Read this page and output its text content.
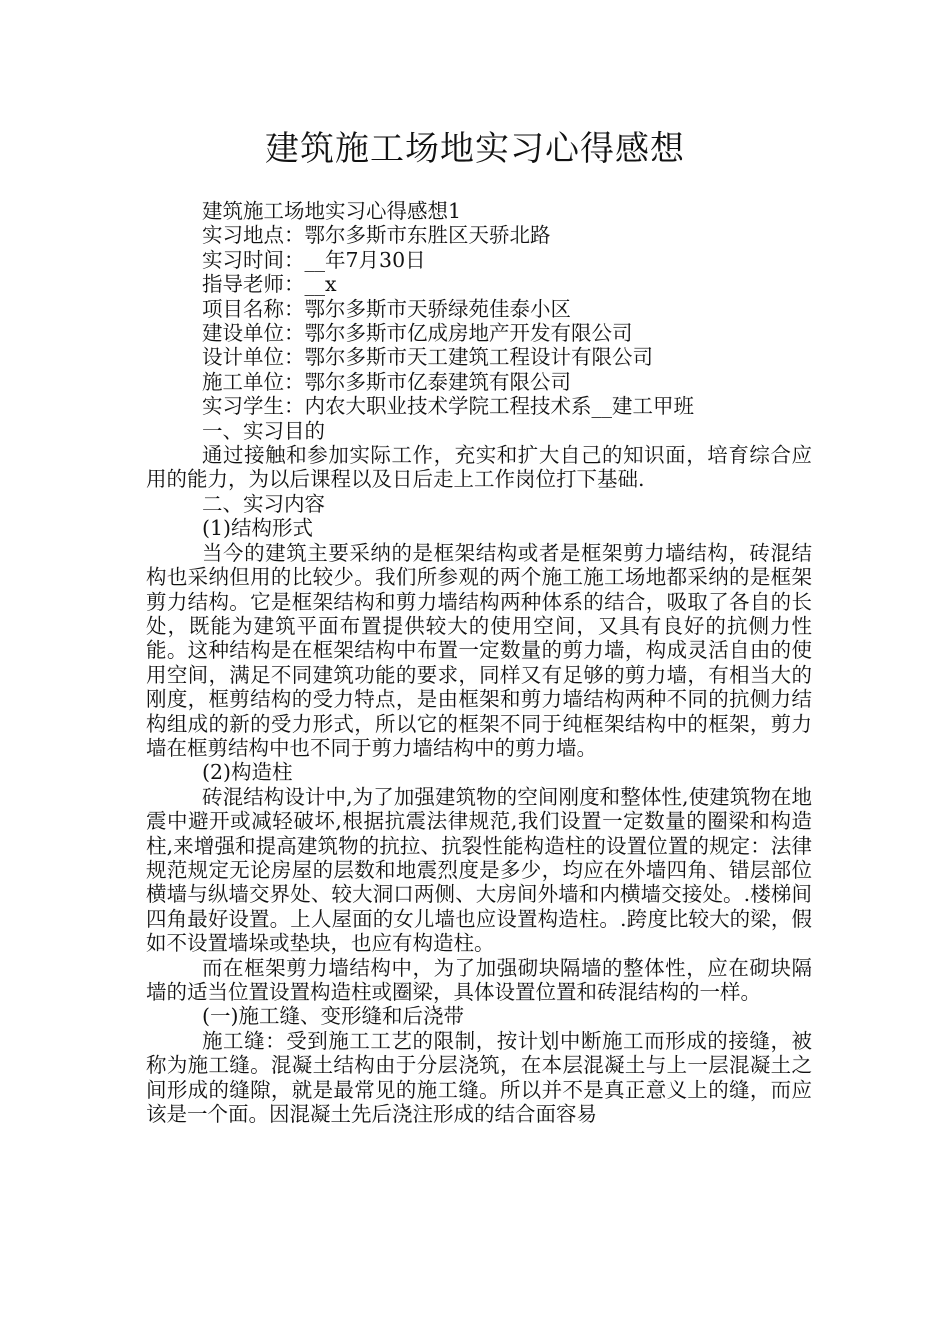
建筑施工场地实习心得感想

建筑施工场地实习心得感想1

实习地点：鄂尔多斯市东胜区天骄北路

实习时间：__年7月30日

指导老师：__x

项目名称：鄂尔多斯市天骄绿苑佳泰小区

建设单位：鄂尔多斯市亿成房地产开发有限公司

设计单位：鄂尔多斯市天工建筑工程设计有限公司

施工单位：鄂尔多斯市亿泰建筑有限公司

实习学生：内农大职业技术学院工程技术系__建工甲班

一、实习目的

通过接触和参加实际工作，充实和扩大自己的知识面，培育综合应用的能力，为以后课程以及日后走上工作岗位打下基础.

二、实习内容

(1)结构形式

当今的建筑主要采纳的是框架结构或者是框架剪力墙结构，砖混结构也采纳但用的比较少。我们所参观的两个施工施工场地都采纳的是框架剪力结构。它是框架结构和剪力墙结构两种体系的结合，吸取了各自的长处，既能为建筑平面布置提供较大的使用空间，又具有良好的抗侧力性能。这种结构是在框架结构中布置一定数量的剪力墙，构成灵活自由的使用空间，满足不同建筑功能的要求，同样又有足够的剪力墙，有相当大的刚度，框剪结构的受力特点，是由框架和剪力墙结构两种不同的抗侧力结构组成的新的受力形式，所以它的框架不同于纯框架结构中的框架，剪力墙在框剪结构中也不同于剪力墙结构中的剪力墙。

(2)构造柱

砖混结构设计中,为了加强建筑物的空间刚度和整体性,使建筑物在地震中避开或减轻破坏,根据抗震法律规范,我们设置一定数量的圈梁和构造柱,来增强和提高建筑物的抗拉、抗裂性能构造柱的设置位置的规定：法律规范规定无论房屋的层数和地震烈度是多少，均应在外墙四角、错层部位横墙与纵墙交界处、较大洞口两侧、大房间外墙和内横墙交接处。.楼梯间四角最好设置。上人屋面的女儿墙也应设置构造柱。.跨度比较大的梁，假如不设置墙垛或垫块，也应有构造柱。

而在框架剪力墙结构中，为了加强砌块隔墙的整体性，应在砌块隔墙的适当位置设置构造柱或圈梁，具体设置位置和砖混结构的一样。

(一)施工缝、变形缝和后浇带

施工缝：受到施工工艺的限制，按计划中断施工而形成的接缝，被称为施工缝。混凝土结构由于分层浇筑，在本层混凝土与上一层混凝土之间形成的缝隙，就是最常见的施工缝。所以并不是真正意义上的缝，而应该是一个面。因混凝土先后浇注形成的结合面容易
